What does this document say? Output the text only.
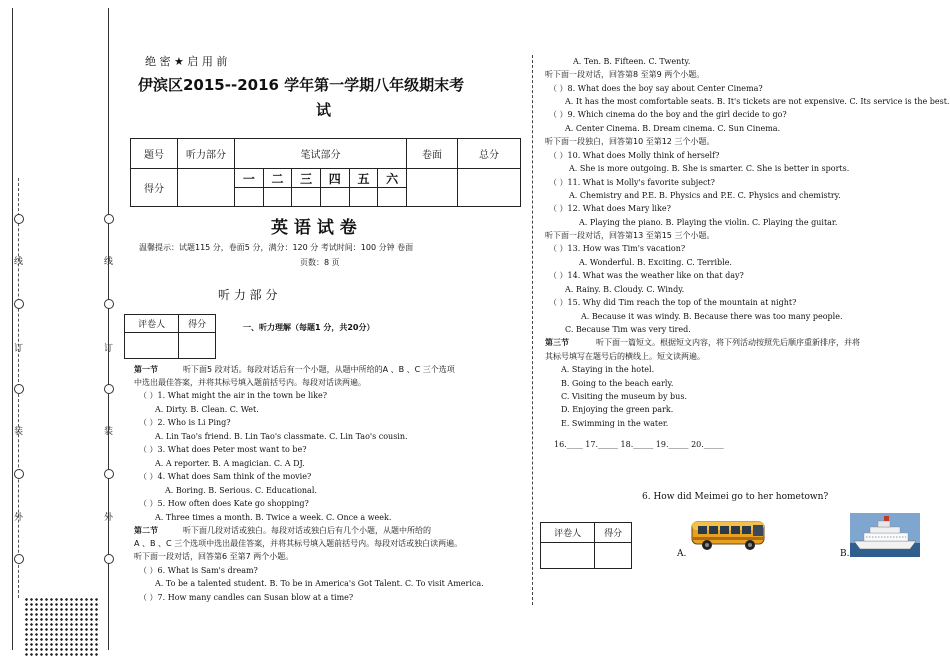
线
订
装
外
线
订
装
外
绝 密 ★ 启 用 前
伊滨区2015--2016 学年第一学期八年级期末考
试
题号	听力部分	笔试部分						卷面	总分
得分		一	二	三	四	五	六		

英 语 试 卷
温馨提示：试题115 分，卷面5 分，满分：120 分 考试时间：100 分钟 卷面
页数：8 页
听 力 部 分
评卷人	得分
		一、听力理解（每题1 分，共20分）
第一节	听下面5 段对话。每段对话后有一个小题，从题中所给的A 、B 、C 三个选项
中选出最佳答案，并将其标号填入题前括号内。每段对话读两遍。
（ ）1. What might the air in the town be like?
A. Dirty. B. Clean. C. Wet.
（ ）2. Who is Li Ping?
A. Lin Tao's friend. B. Lin Tao's classmate. C. Lin Tao's cousin.
（ ）3. What does Peter most want to be?
A. A reporter. B. A magician. C. A DJ.
（ ）4. What does Sam think of the movie?
A. Boring. B. Serious. C. Educational.
（ ）5. How often does Kate go shopping?
A. Three times a month. B. Twice a week. C. Once a week.
第二节	听下面几段对话或独白。每段对话或独白后有几个小题，从题中所给的
A 、B 、C 三个选项中选出最佳答案，并将其标号填入题前括号内。每段对话或独白读两遍。
听下面一段对话，回答第6 至第7 两个小题。
（ ）6. What is Sam's dream?
A. To be a talented student. B. To be in America's Got Talent. C. To visit America.
（ ）7. How many candles can Susan blow at a time?
A. Ten. B. Fifteen. C. Twenty.
听下面一段对话，回答第8 至第9 两个小题。
（ ）8. What does the boy say about Center Cinema?
A. It has the most comfortable seats. B. It's tickets are not expensive. C. Its service is the best.
（ ）9. Which cinema do the boy and the girl decide to go?
A. Center Cinema. B. Dream cinema. C. Sun Cinema.
听下面一段独白，回答第10 至第12 三个小题。
（ ）10. What does Molly think of herself?
A. She is more outgoing. B. She is smarter. C. She is better in sports.
（ ）11. What is Molly's favorite subject?
A. Chemistry and P.E. B. Physics and P.E. C. Physics and chemistry.
（ ）12. What does Mary like?
A. Playing the piano. B. Playing the violin. C. Playing the guitar.
听下面一段对话，回答第13 至第15 三个小题。
（ ）13. How was Tim's vacation?
A. Wonderful. B. Exciting. C. Terrible.
（ ）14. What was the weather like on that day?
A. Rainy. B. Cloudy. C. Windy.
（ ）15. Why did Tim reach the top of the mountain at night?
A. Because it was windy. B. Because there was too many people.
C. Because Tim was very tired.
第三节	听下面一篇短文。根据短文内容，将下列活动按照先后顺序重新排序，并将
其标号填写在题号后的横线上。短文读两遍。
A. Staying in the hotel.
B. Going to the beach early.
C. Visiting the museum by bus.
D. Enjoying the green park.
E. Swimming in the water.
16.____ 17._____ 18._____ 19._____ 20._____
6. How did Meimei go to her hometown?
评卷人	得分

A.	B.
